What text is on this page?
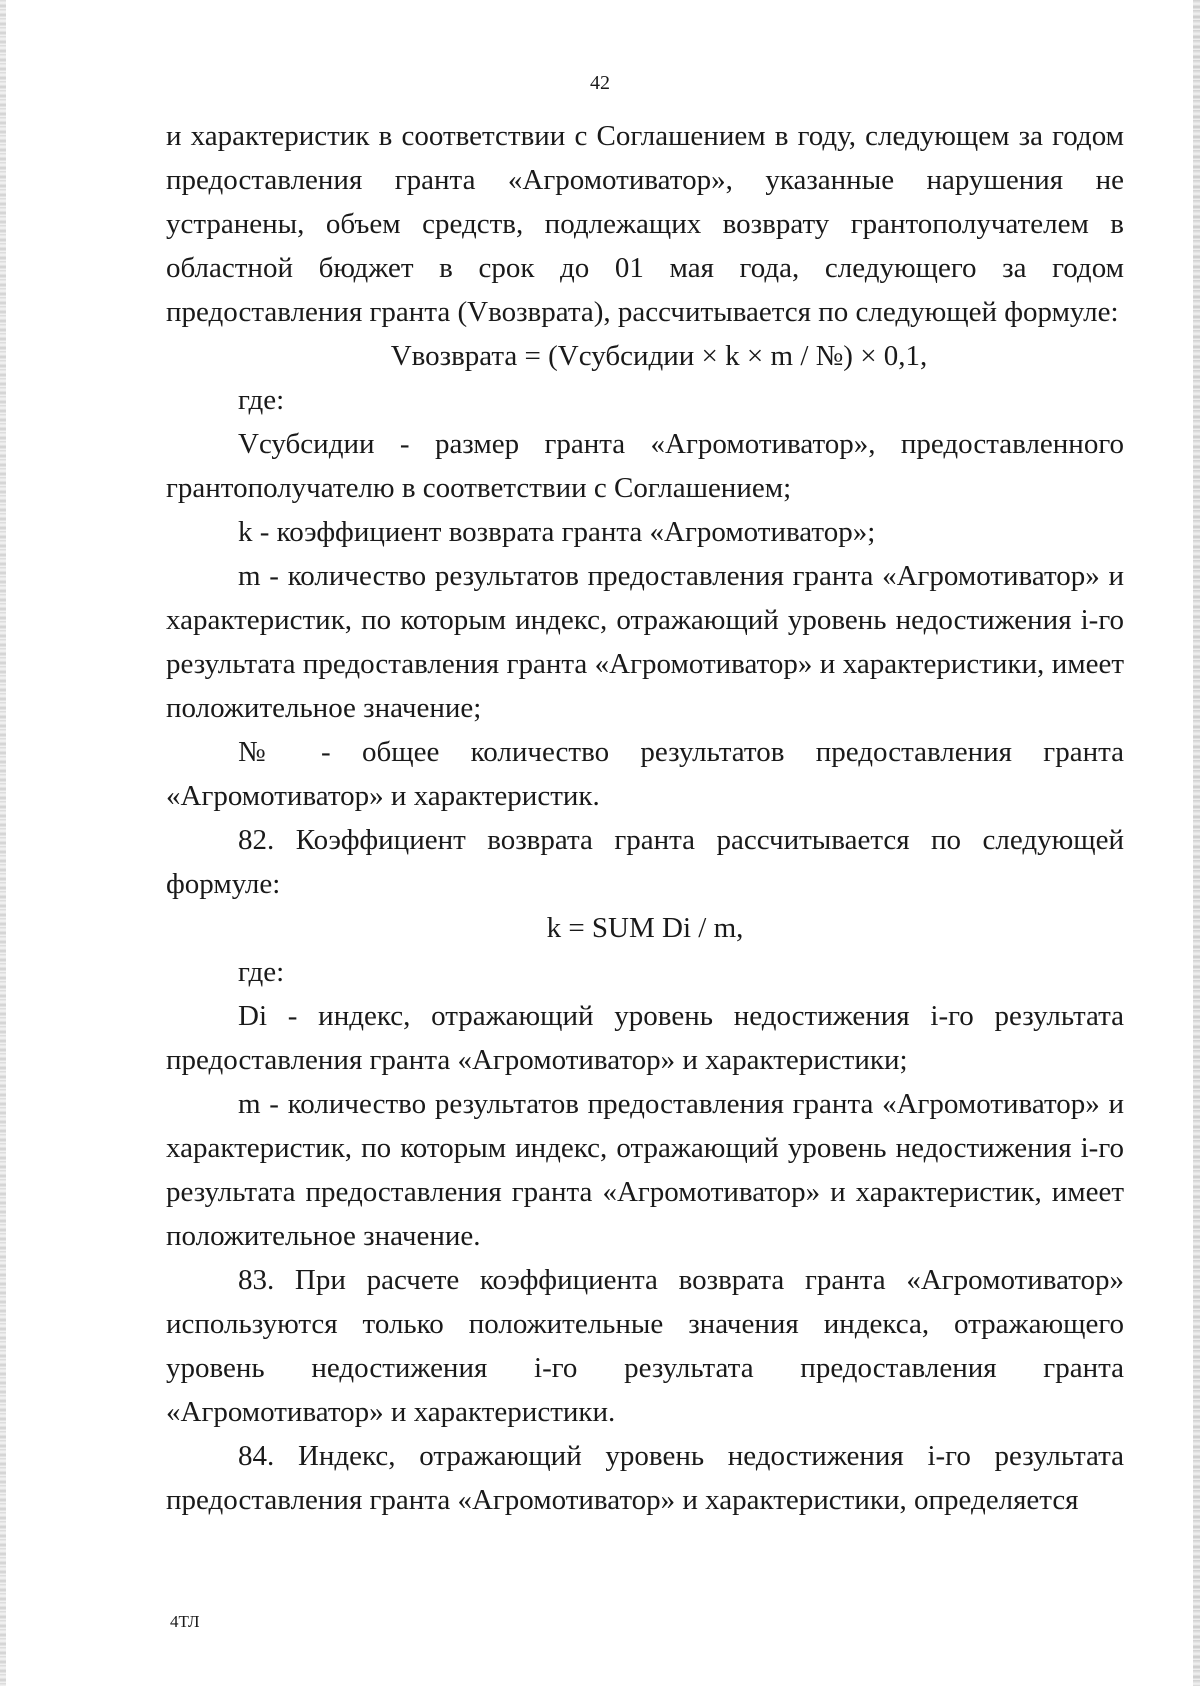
42

и характеристик в соответствии с Соглашением в году, следующем за годом предоставления гранта «Агромотиватор», указанные нарушения не устранены, объем средств, подлежащих возврату грантополучателем в областной бюджет в срок до 01 мая года, следующего за годом предоставления гранта (Vвозврата), рассчитывается по следующей формуле:

Vвозврата = (Vсубсидии × k × m / №) × 0,1,

где:

Vсубсидии - размер гранта «Агромотиватор», предоставленного грантополучателю в соответствии с Соглашением;

k - коэффициент возврата гранта «Агромотиватор»;

m - количество результатов предоставления гранта «Агромотиватор» и характеристик, по которым индекс, отражающий уровень недостижения i-го результата предоставления гранта «Агромотиватор» и характеристики, имеет положительное значение;

№ - общее количество результатов предоставления гранта «Агромотиватор» и характеристик.

82. Коэффициент возврата гранта рассчитывается по следующей формуле:

k = SUM Di / m,

где:

Di - индекс, отражающий уровень недостижения i-го результата предоставления гранта «Агромотиватор» и характеристики;

m - количество результатов предоставления гранта «Агромотиватор» и характеристик, по которым индекс, отражающий уровень недостижения i-го результата предоставления гранта «Агромотиватор» и характеристик, имеет положительное значение.

83. При расчете коэффициента возврата гранта «Агромотиватор» используются только положительные значения индекса, отражающего уровень недостижения i-го результата предоставления гранта «Агромотиватор» и характеристики.

84. Индекс, отражающий уровень недостижения i-го результата предоставления гранта «Агромотиватор» и характеристики, определяется

4ТЛ
